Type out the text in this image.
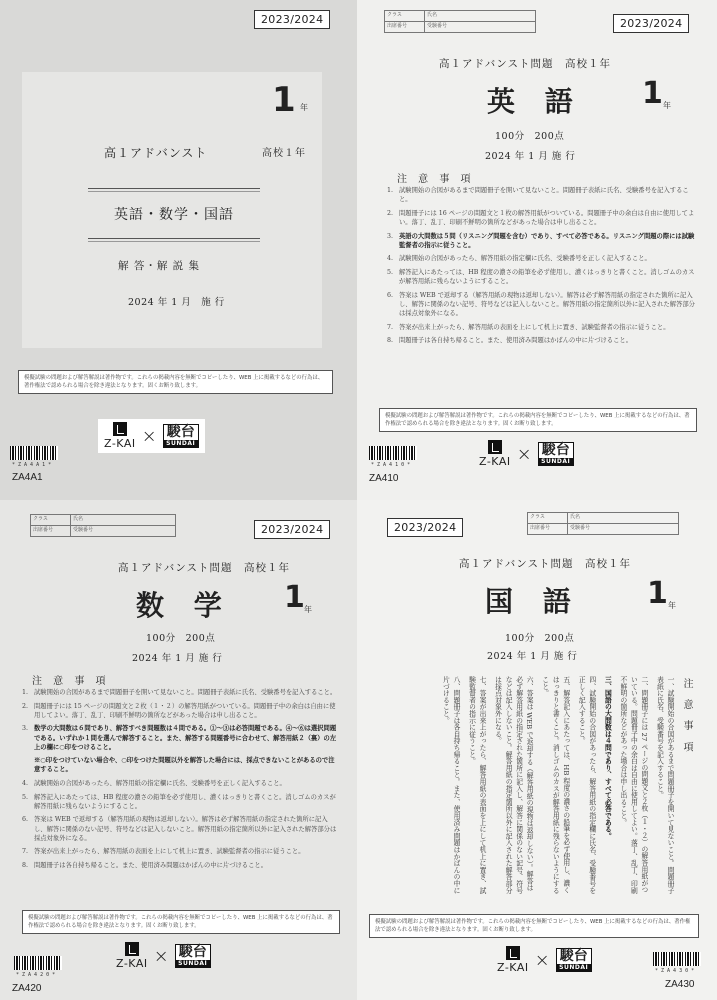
2023/2024
1 年
高１アドバンスト	高校１年
英語・数学・国語
解 答・解 説 集
2024 年 1 月　施 行
模擬試験の問題および解答解説は著作物です。これらの掲載内容を無断でコピーしたり、WEB 上に掲載するなどの行為は、著作権法で認められる場合を除き違法となります。固くお断り致します。
Z-KAI × 駿台
SUNDAI
* Z A 4 A 1 *
ZA4A1
クラス	氏名
出席番号	受験番号	2023/2024
高１アドバンスト問題　高校１年
英 語 1 年
100分　200点
2024 年 1 月 施 行
注 意 事 項
1. 試験開始の合図があるまで問題冊子を開いて見ないこと。問題冊子表紙に氏名、受験番号を記入すること。
2. 問題冊子には 16 ページの問題文と１枚の解答用紙がついている。問題冊子中の余白は自由に使用してよい。落丁、乱丁、印刷不鮮明の箇所などがあった場合は申し出ること。
3. 英語の大問数は５問（リスニング問題を含む）であり、すべて必答である。リスニング問題の際には試験監督者の指示に従うこと。
4. 試験開始の合図があったら、解答用紙の指定欄に氏名、受験番号を正しく記入すること。
5. 解答記入にあたっては、HB 程度の濃さの鉛筆を必ず使用し、濃くはっきりと書くこと。消しゴムのカスが解答用紙に残らないようにすること。
6. 答案は WEB で返却する（解答用紙の現物は返却しない）。解答は必ず解答用紙の指定された箇所に記入し、解答に関係のない記号、符号などは記入しないこと。解答用紙の指定箇所以外に記入された解答部分は採点対象外になる。
7. 答案が出来上がったら、解答用紙の表面を上にして机上に置き、試験監督者の指示に従うこと。
8. 問題冊子は各自持ち帰ること。また、使用済み問題はかばんの中に片づけること。
模擬試験の問題および解答解説は著作物です。これらの掲載内容を無断でコピーしたり、WEB 上に掲載するなどの行為は、著作権法で認められる場合を除き違法となります。固くお断り致します。
Z-KAI × 駿台
SUNDAI
* Z A 4 1 0 *
ZA410
クラス	氏名
出席番号	受験番号	2023/2024
高１アドバンスト問題　高校１年
数 学 1 年
100分　200点
2024 年 1 月 施 行
注 意 事 項
1. 試験開始の合図があるまで問題冊子を開いて見ないこと。問題冊子表紙に氏名、受験番号を記入すること。
2. 問題冊子には 15 ページの問題文と２枚（１・２）の解答用紙がついている。問題冊子中の余白は自由に使用してよい。落丁、乱丁、印刷不鮮明の箇所などがあった場合は申し出ること。
3. 数学の大問数は６問であり、解答すべき問題数は４問である。①～③は必答問題である。④～⑥は選択問題である。いずれか１問を選んで解答すること。また、解答する問題番号に合わせて、解答用紙２（裏）の左上の欄に○印をつけること。
※○印をつけていない場合や、○印をつけた問題以外を解答した場合には、採点できないことがあるので注意すること。
4. 試験開始の合図があったら、解答用紙の指定欄に氏名、受験番号を正しく記入すること。
5. 解答記入にあたっては、HB 程度の濃さの鉛筆を必ず使用し、濃くはっきりと書くこと。消しゴムのカスが解答用紙に残らないようにすること。
6. 答案は WEB で返却する（解答用紙の現物は返却しない）。解答は必ず解答用紙の指定された箇所に記入し、解答に関係のない記号、符号などは記入しないこと。解答用紙の指定箇所以外に記入された解答部分は採点対象外になる。
7. 答案が出来上がったら、解答用紙の表面を上にして机上に置き、試験監督者の指示に従うこと。
8. 問題冊子は各自持ち帰ること。また、使用済み問題はかばんの中に片づけること。
模擬試験の問題および解答解説は著作物です。これらの掲載内容を無断でコピーしたり、WEB 上に掲載するなどの行為は、著作権法で認められる場合を除き違法となります。固くお断り致します。
Z-KAI × 駿台
SUNDAI
* Z A 4 2 0 *
ZA420
2023/2024
クラス	氏名
出席番号	受験番号
高１アドバンスト問題　高校１年
国 語 1 年
100分　200点
2024 年 1 月 施 行
注 意 事 項

一、試験開始の合図があるまで問題冊子を開いて見ないこと。問題冊子表紙に氏名、受験番号を記入すること。

二、問題冊子には 27 ページの問題文と２枚（１・２）の解答用紙がついている。問題冊子中の余白は自由に使用してよい。落丁、乱丁、印刷不鮮明の箇所などがあった場合は申し出ること。

三、国語の大問数は４問であり、すべて必答である。

四、試験開始の合図があったら、解答用紙の指定欄に氏名、受験番号を正しく記入すること。

五、解答記入にあたっては、HB 程度の濃さの鉛筆を必ず使用し、濃くはっきりと書くこと。消しゴムのカスが解答用紙に残らないようにすること。

六、答案は WEB で返却する（解答用紙の現物は返却しない）。解答は必ず解答用紙の指定された箇所に記入し、解答に関係のない記号、符号などは記入しないこと。解答用紙の指定箇所以外に記入された解答部分は採点対象外になる。

七、答案が出来上がったら、解答用紙の表面を上にして机上に置き、試験監督者の指示に従うこと。

八、問題冊子は各自持ち帰ること。また、使用済み問題はかばんの中に片づけること。

模擬試験の問題および解答解説は著作物です。これらの掲載内容を無断でコピーしたり、WEB 上に掲載するなどの行為は、著作権法で認められる場合を除き違法となります。固くお断り致します。
Z-KAI × 駿台
SUNDAI	* Z A 4 3 0 *
ZA430
